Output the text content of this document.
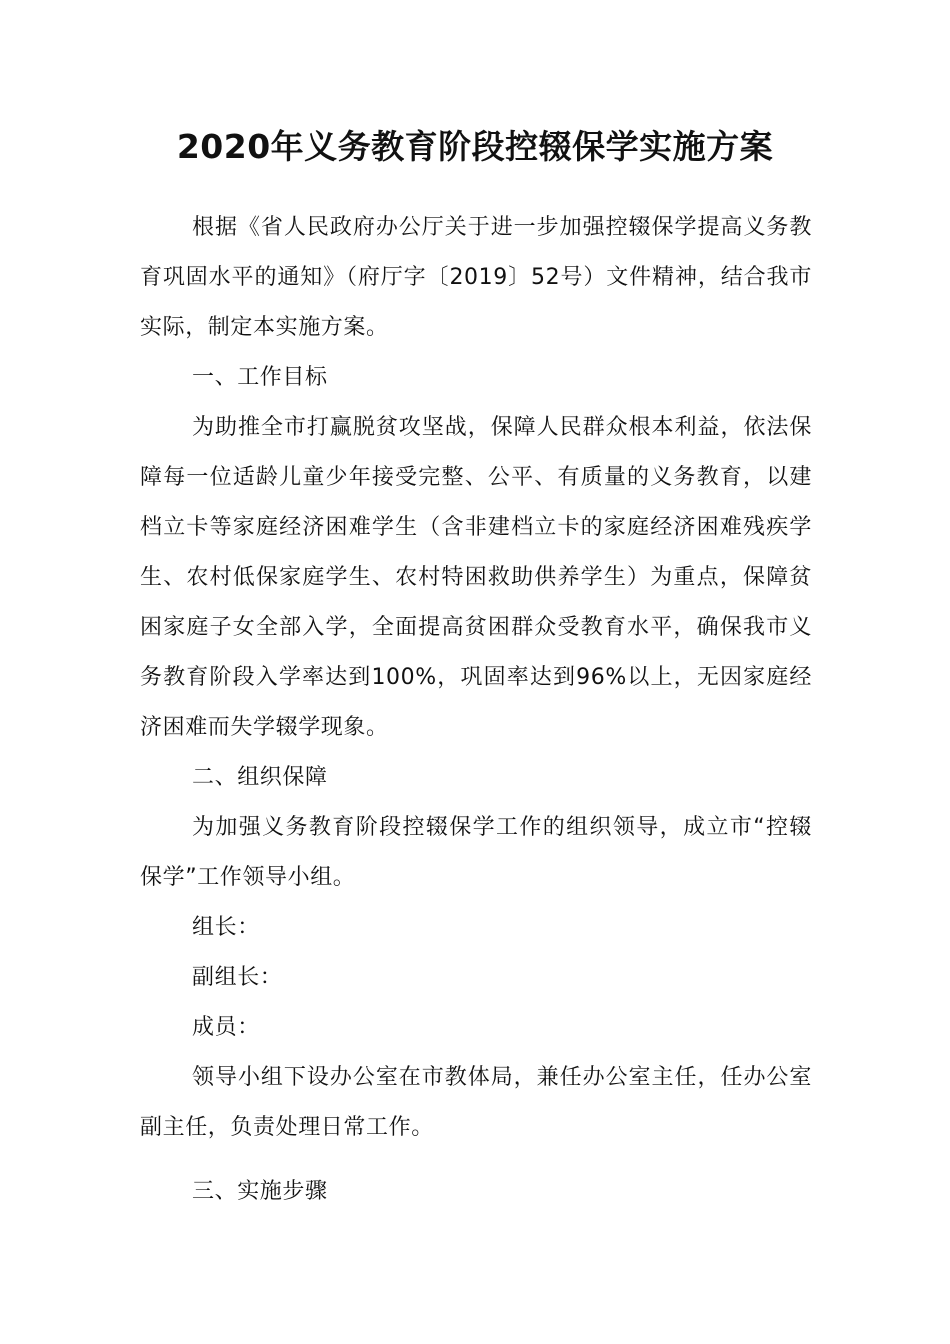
2020年义务教育阶段控辍保学实施方案

根据《省人民政府办公厅关于进一步加强控辍保学提高义务教育巩固水平的通知》（府厅字〔2019〕52号）文件精神，结合我市实际，制定本实施方案。

一、工作目标

为助推全市打赢脱贫攻坚战，保障人民群众根本利益，依法保障每一位适龄儿童少年接受完整、公平、有质量的义务教育，以建档立卡等家庭经济困难学生（含非建档立卡的家庭经济困难残疾学生、农村低保家庭学生、农村特困救助供养学生）为重点，保障贫困家庭子女全部入学，全面提高贫困群众受教育水平，确保我市义务教育阶段入学率达到100%，巩固率达到96%以上，无因家庭经济困难而失学辍学现象。

二、组织保障

为加强义务教育阶段控辍保学工作的组织领导，成立市“控辍保学”工作领导小组。

组长：

副组长：

成员：

领导小组下设办公室在市教体局，兼任办公室主任，任办公室副主任，负责处理日常工作。

三、实施步骤
